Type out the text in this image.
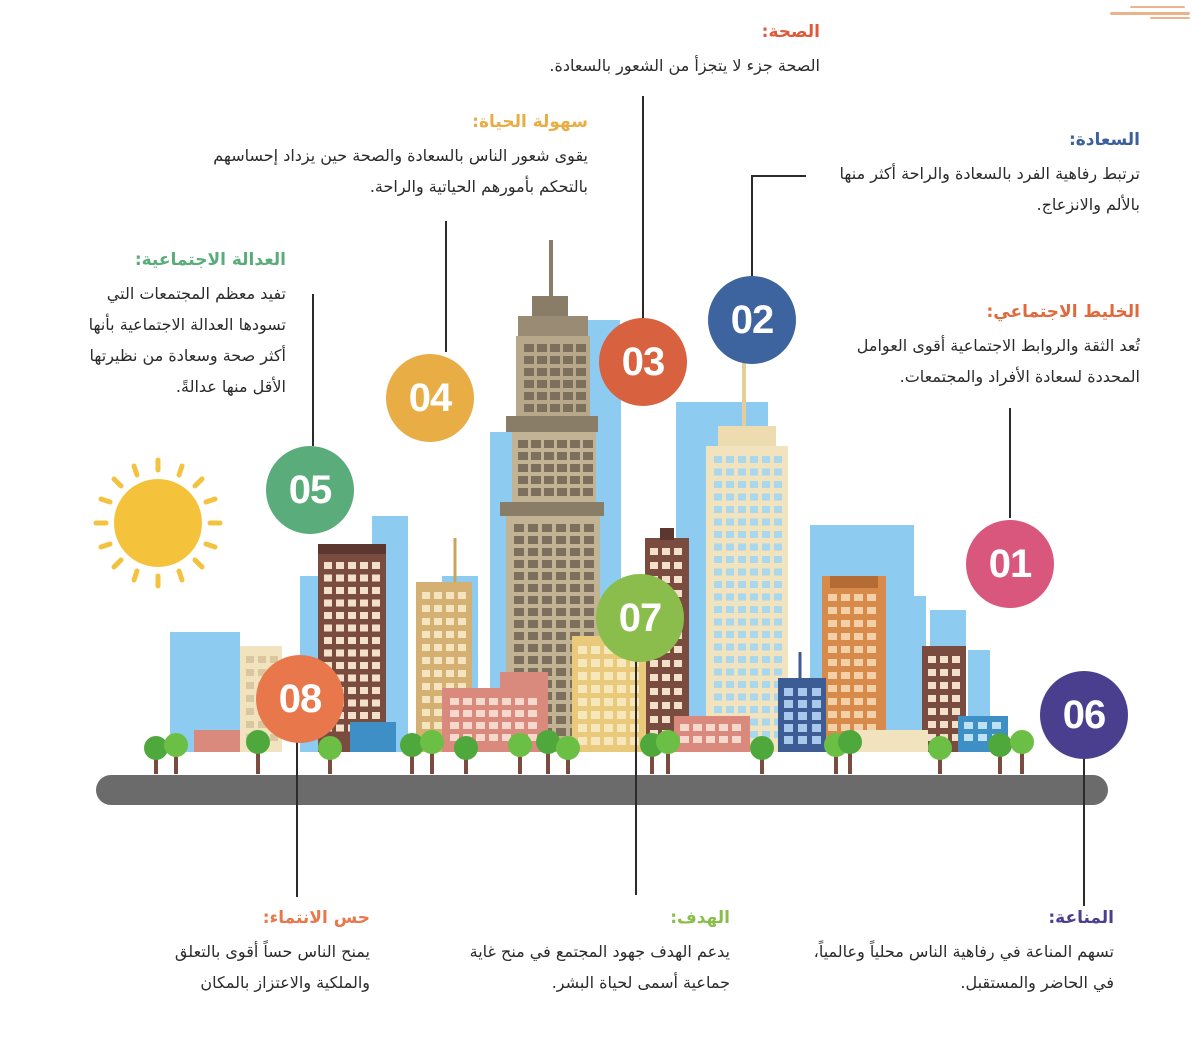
01
02
03
04
05
06
07
08
الصحة:
الصحة جزء لا يتجزأ من الشعور بالسعادة.
السعادة:
ترتبط رفاهية الفرد بالسعادة والراحة أكثر منها بالألم والانزعاج.
سهولة الحياة:
يقوى شعور الناس بالسعادة والصحة حين يزداد إحساسهم بالتحكم بأمورهم الحياتية والراحة.
العدالة الاجتماعية:
تفيد معظم المجتمعات التي تسودها العدالة الاجتماعية بأنها أكثر صحة وسعادة من نظيرتها الأقل منها عدالةً.
الخليط الاجتماعي:
تُعد الثقة والروابط الاجتماعية أقوى العوامل المحددة لسعادة الأفراد والمجتمعات.
المناعة:
تسهم المناعة في رفاهية الناس محلياً وعالمياً، في الحاضر والمستقبل.
الهدف:
يدعم الهدف جهود المجتمع في منح غاية جماعية أسمى لحياة البشر.
حس الانتماء:
يمنح الناس حساً أقوى بالتعلق والملكية والاعتزاز بالمكان
